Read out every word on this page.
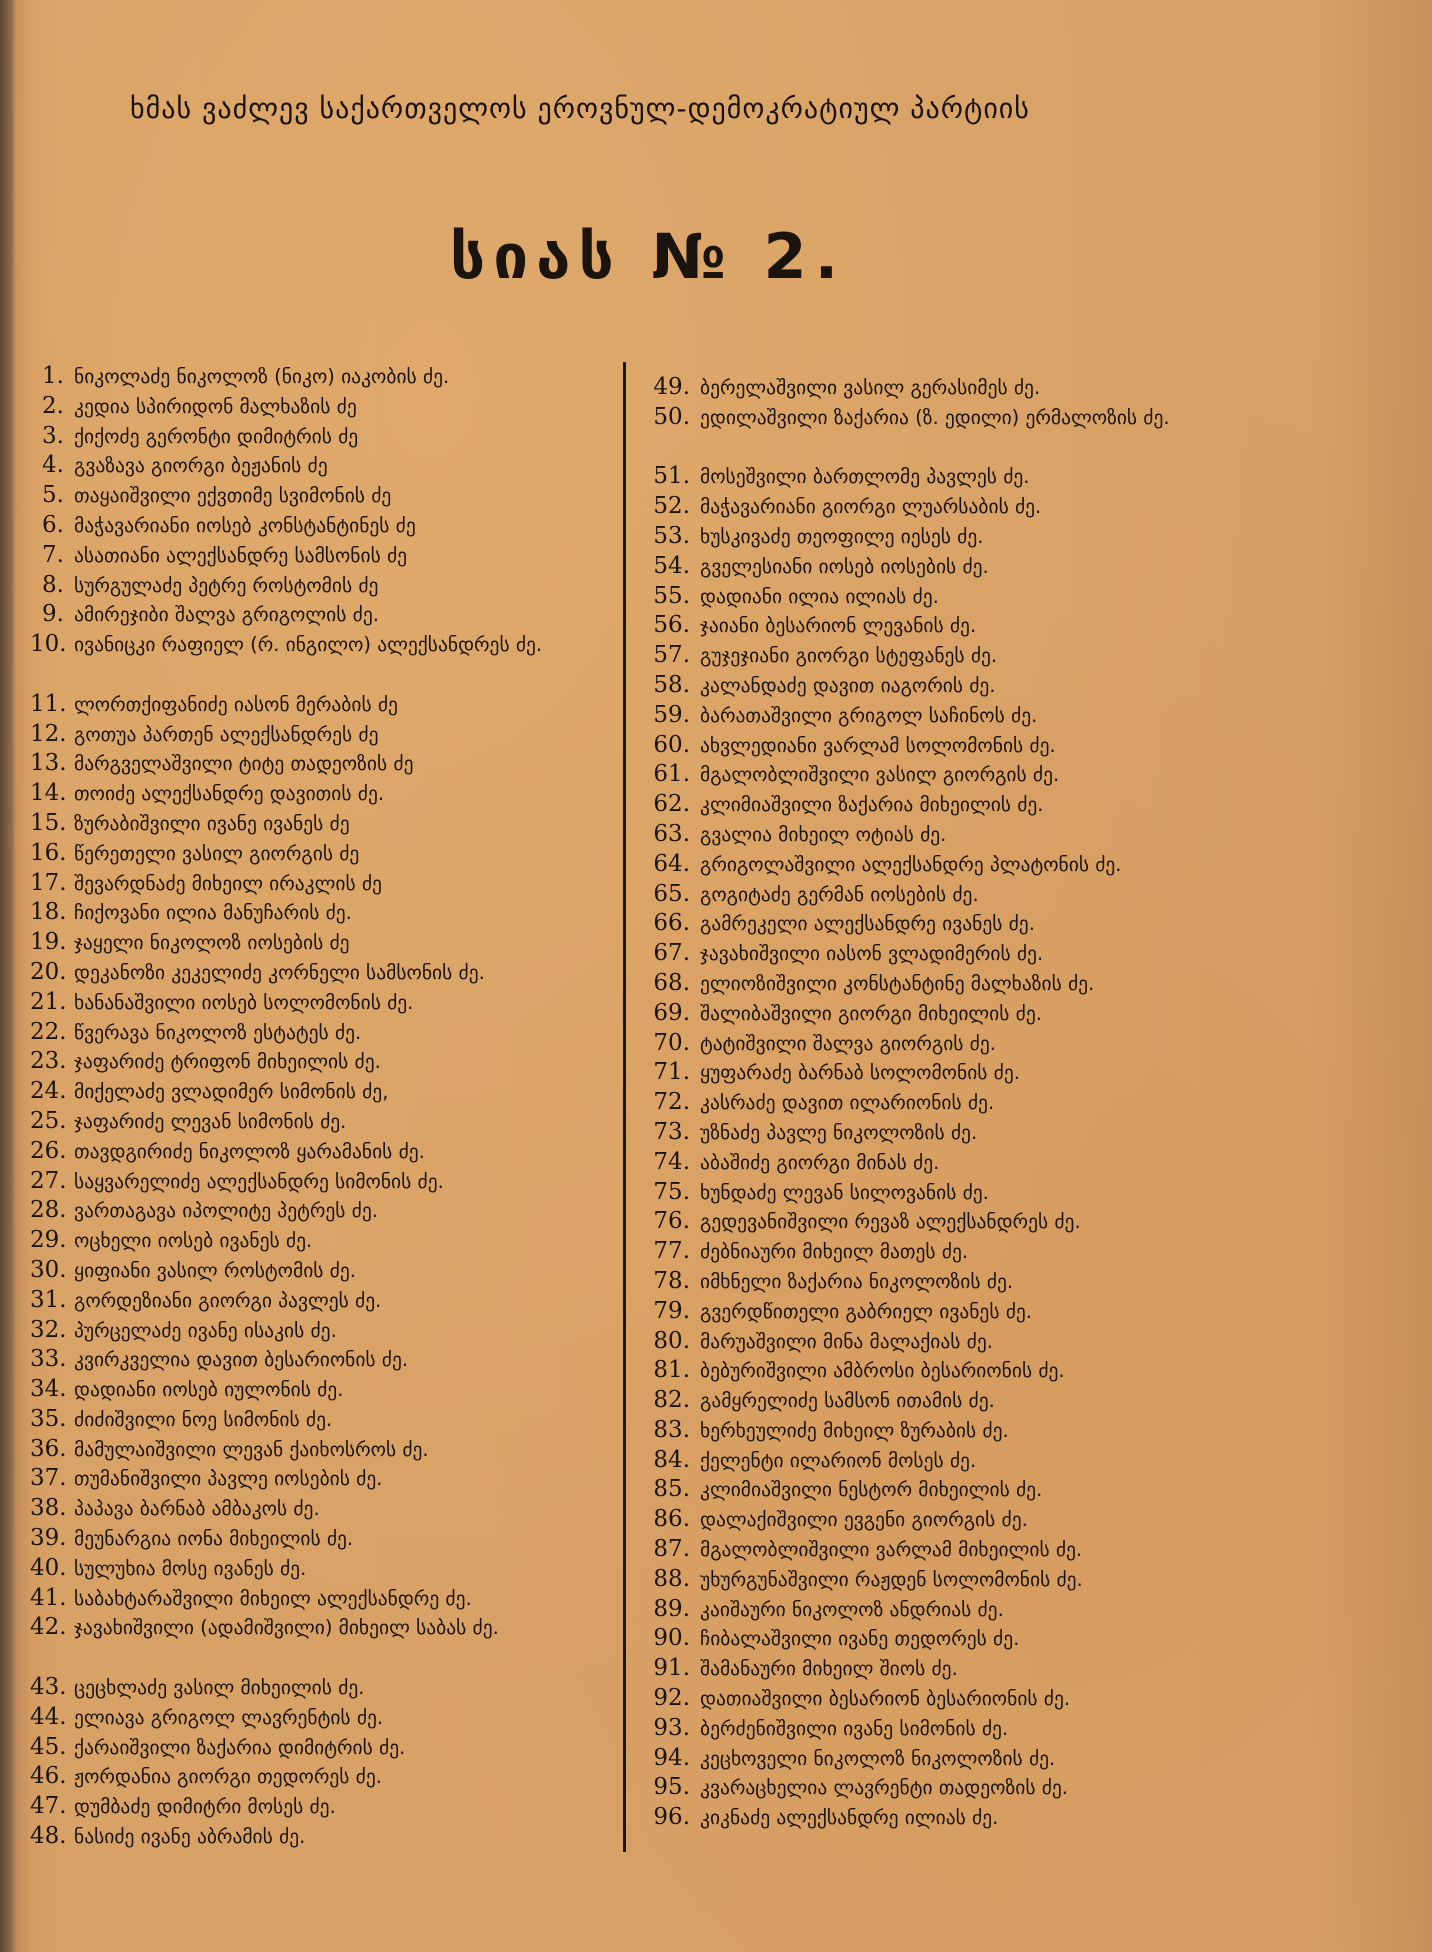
ხმას ვაძლევ საქართველოს ეროვნულ-დემოკრატიულ პარტიის
სიას № 2.
1. ნიკოლაძე ნიკოლოზ (ნიკო) იაკობის ძე.
2. კედია სპირიდონ მალხაზის ძე
3. ქიქოძე გერონტი დიმიტრის ძე
4. გვაზავა გიორგი ბეჟანის ძე
5. თაყაიშვილი ექვთიმე სვიმონის ძე
6. მაჭავარიანი იოსებ კონსტანტინეს ძე
7. ასათიანი ალექსანდრე სამსონის ძე
8. სურგულაძე პეტრე როსტომის ძე
9. ამირეჯიბი შალვა გრიგოლის ძე.
10. ივანიცკი რაფიელ (რ. ინგილო) ალექსანდრეს ძე.
11. ლორთქიფანიძე იასონ მერაბის ძე
12. გოთუა პართენ ალექსანდრეს ძე
13. მარგველაშვილი ტიტე თადეოზის ძე
14. თოიძე ალექსანდრე დავითის ძე.
15. ზურაბიშვილი ივანე ივანეს ძე
16. წერეთელი ვასილ გიორგის ძე
17. შევარდნაძე მიხეილ ირაკლის ძე
18. ჩიქოვანი ილია მანუჩარის ძე.
19. ჯაყელი ნიკოლოზ იოსების ძე
20. დეკანოზი კეკელიძე კორნელი სამსონის ძე.
21. ხანანაშვილი იოსებ სოლომონის ძე.
22. წვერავა ნიკოლოზ ესტატეს ძე.
23. ჯაფარიძე ტრიფონ მიხეილის ძე.
24. მიქელაძე ვლადიმერ სიმონის ძე,
25. ჯაფარიძე ლევან სიმონის ძე.
26. თავდგირიძე ნიკოლოზ ყარამანის ძე.
27. საყვარელიძე ალექსანდრე სიმონის ძე.
28. ვართაგავა იპოლიტე პეტრეს ძე.
29. ოცხელი იოსებ ივანეს ძე.
30. ყიფიანი ვასილ როსტომის ძე.
31. გორდეზიანი გიორგი პავლეს ძე.
32. პურცელაძე ივანე ისაკის ძე.
33. კვირკველია დავით ბესარიონის ძე.
34. დადიანი იოსებ იულონის ძე.
35. ძიძიშვილი ნოე სიმონის ძე.
36. მამულაიშვილი ლევან ქაიხოსროს ძე.
37. თუმანიშვილი პავლე იოსების ძე.
38. პაპავა ბარნაბ ამბაკოს ძე.
39. მეუნარგია იონა მიხეილის ძე.
40. სულუხია მოსე ივანეს ძე.
41. საბახტარაშვილი მიხეილ ალექსანდრე ძე.
42. ჯავახიშვილი (ადამიშვილი) მიხეილ საბას ძე.
43. ცეცხლაძე ვასილ მიხეილის ძე.
44. ელიავა გრიგოლ ლავრენტის ძე.
45. ქარაიშვილი ზაქარია დიმიტრის ძე.
46. ჟორდანია გიორგი თედორეს ძე.
47. დუმბაძე დიმიტრი მოსეს ძე.
48. ნასიძე ივანე აბრამის ძე.
49. ბერელაშვილი ვასილ გერასიმეს ძე.
50. ედილაშვილი ზაქარია (ზ. ედილი) ერმალოზის ძე.
51. მოსეშვილი ბართლომე პავლეს ძე.
52. მაჭავარიანი გიორგი ლუარსაბის ძე.
53. ხუსკივაძე თეოფილე იესეს ძე.
54. გველესიანი იოსებ იოსების ძე.
55. დადიანი ილია ილიას ძე.
56. ჯაიანი ბესარიონ ლევანის ძე.
57. გუჯეჯიანი გიორგი სტეფანეს ძე.
58. კალანდაძე დავით იაგორის ძე.
59. ბარათაშვილი გრიგოლ საჩინოს ძე.
60. ახვლედიანი ვარლამ სოლომონის ძე.
61. მგალობლიშვილი ვასილ გიორგის ძე.
62. კლიმიაშვილი ზაქარია მიხეილის ძე.
63. გვალია მიხეილ ოტიას ძე.
64. გრიგოლაშვილი ალექსანდრე პლატონის ძე.
65. გოგიტაძე გერმან იოსების ძე.
66. გამრეკელი ალექსანდრე ივანეს ძე.
67. ჯავახიშვილი იასონ ვლადიმერის ძე.
68. ელიოზიშვილი კონსტანტინე მალხაზის ძე.
69. შალიბაშვილი გიორგი მიხეილის ძე.
70. ტატიშვილი შალვა გიორგის ძე.
71. ყუფარაძე ბარნაბ სოლომონის ძე.
72. კასრაძე დავით ილარიონის ძე.
73. უზნაძე პავლე ნიკოლოზის ძე.
74. აბაშიძე გიორგი მინას ძე.
75. ხუნდაძე ლევან სილოვანის ძე.
76. გედევანიშვილი რევაზ ალექსანდრეს ძე.
77. ძებნიაური მიხეილ მათეს ძე.
78. იმხნელი ზაქარია ნიკოლოზის ძე.
79. გვერდწითელი გაბრიელ ივანეს ძე.
80. მარუაშვილი მინა მალაქიას ძე.
81. ბებურიშვილი ამბროსი ბესარიონის ძე.
82. გამყრელიძე სამსონ ითამის ძე.
83. ხერხეულიძე მიხეილ ზურაბის ძე.
84. ქელენტი ილარიონ მოსეს ძე.
85. კლიმიაშვილი ნესტორ მიხეილის ძე.
86. დალაქიშვილი ევგენი გიორგის ძე.
87. მგალობლიშვილი ვარლამ მიხეილის ძე.
88. უხურგუნაშვილი რაჟდენ სოლომონის ძე.
89. კაიშაური ნიკოლოზ ანდრიას ძე.
90. ჩიბალაშვილი ივანე თედორეს ძე.
91. შამანაური მიხეილ შიოს ძე.
92. დათიაშვილი ბესარიონ ბესარიონის ძე.
93. ბერძენიშვილი ივანე სიმონის ძე.
94. კეცხოველი ნიკოლოზ ნიკოლოზის ძე.
95. კვარაცხელია ლავრენტი თადეოზის ძე.
96. კიკნაძე ალექსანდრე ილიას ძე.
